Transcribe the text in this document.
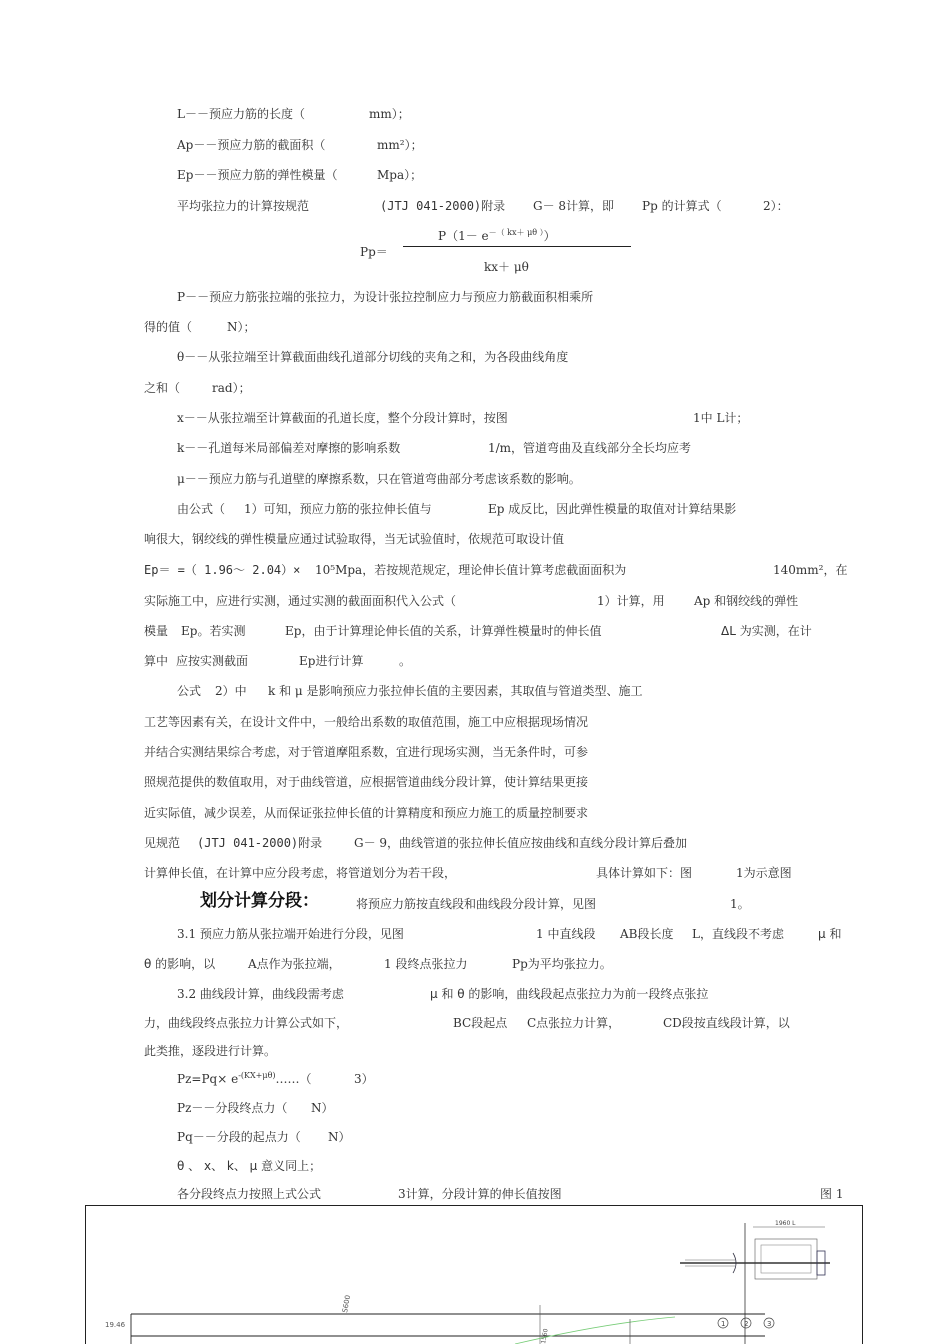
L－－预应力筋的长度（	mm）；
Ap－－预应力筋的截面积（	mm²）；
Ep－－预应力筋的弹性模量（	Mpa）；
平均张拉力的计算按规范	(JTJ 041-2000)附录 G－ 8计算，即 Pp 的计算式（	2）：
Pp＝
$P(1- e^{-( kx+ \mu\theta )})$
kx＋ μθ
P－－预应力筋张拉端的张拉力，为设计张拉控制应力与预应力筋截面积相乘所
得的值（	N）；
θ－－从张拉端至计算截面曲线孔道部分切线的夹角之和，为各段曲线角度
之和（	rad）；
x－－从张拉端至计算截面的孔道长度，整个分段计算时，按图	1中 L计；
k－－孔道每米局部偏差对摩擦的影响系数	1/m，管道弯曲及直线部分全长均应考
μ－－预应力筋与孔道壁的摩擦系数，只在管道弯曲部分考虑该系数的影响。
由公式（ 1）可知，预应力筋的张拉伸长值与	Ep 成反比，因此弹性模量的取值对计算结果影
响很大，钢绞线的弹性模量应通过试验取得，当无试验值时，依规范可取设计值
Ep＝ =（ 1.96～ 2.04）× 10⁵Mpa，若按规范规定，理论伸长值计算考虑截面面积为	140mm²，在
实际施工中，应进行实测，通过实测的截面面积代入公式（	1）计算，用 Ap 和钢绞线的弹性
模量 Ep。若实测	Ep，由于计算理论伸长值的关系，计算弹性模量时的伸长值	ΔL 为实测，在计
算中 应按实测截面	Ep进行计算	。
公式 2）中 k 和 μ 是影响预应力张拉伸长值的主要因素，其取值与管道类型、施工
工艺等因素有关，在设计文件中，一般给出系数的取值范围，施工中应根据现场情况
并结合实测结果综合考虑，对于管道摩阻系数，宜进行现场实测，当无条件时，可参
照规范提供的数值取用，对于曲线管道，应根据管道曲线分段计算，使计算结果更接
近实际值，减少误差，从而保证张拉伸长值的计算精度和预应力施工的质量控制要求
见规范 (JTJ 041-2000)附录	G－ 9，曲线管道的张拉伸长值应按曲线和直线分段计算后叠加
计算伸长值，在计算中应分段考虑，将管道划分为若干段，	具体计算如下：图	1为示意图
划分计算分段：	将预应力筋按直线段和曲线段分段计算，见图	1。
3.1 预应力筋从张拉端开始进行分段，见图	1 中直线段 AB段长度 L，直线段不考虑	μ 和
θ 的影响，以	A点作为张拉端，	1 段终点张拉力	Pp为平均张拉力。
3.2 曲线段计算，曲线段需考虑	μ 和 θ 的影响，曲线段起点张拉力为前一段终点张拉
力，曲线段终点张拉力计算公式如下，	BC段起点 C点张拉力计算，	CD段按直线段计算，以
此类推，逐段进行计算。
$Pz=Pq\times e^{-(KX+\mu\theta)}\dots\dots$（	3）
Pz－－分段终点力（ N）
Pq－－分段的起点力（ N）
θ 、 x、 k、 μ 意义同上；
各分段终点力按照上式公式	3计算，分段计算的伸长值按图	图 1
1960 L
19.46
S600
1560
1	2	3
